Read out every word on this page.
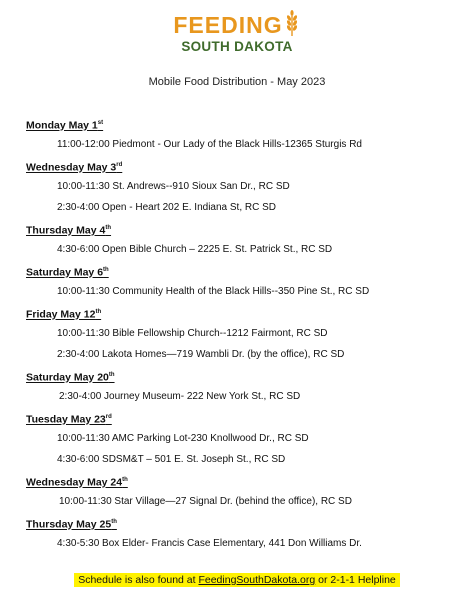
FEEDING
SOUTH DAKOTA
Mobile Food Distribution - May 2023
Monday May 1st
11:00-12:00 Piedmont - Our Lady of the Black Hills-12365 Sturgis Rd
Wednesday May 3rd
10:00-11:30 St. Andrews--910 Sioux San Dr., RC SD
2:30-4:00 Open - Heart 202 E. Indiana St, RC SD
Thursday May 4th
4:30-6:00 Open Bible Church – 2225 E. St. Patrick St., RC SD
Saturday May 6th
10:00-11:30 Community Health of the Black Hills--350 Pine St., RC SD
Friday May 12th
10:00-11:30 Bible Fellowship Church--1212 Fairmont, RC SD
2:30-4:00 Lakota Homes—719 Wambli Dr. (by the office), RC SD
Saturday May 20th
2:30-4:00 Journey Museum- 222 New York St., RC SD
Tuesday May 23rd
10:00-11:30 AMC Parking Lot-230 Knollwood Dr., RC SD
4:30-6:00 SDSM&T – 501 E. St. Joseph St., RC SD
Wednesday May 24th
10:00-11:30 Star Village—27 Signal Dr. (behind the office), RC SD
Thursday May 25th
4:30-5:30 Box Elder- Francis Case Elementary, 441 Don Williams Dr.
Schedule is also found at FeedingSouthDakota.org or 2-1-1 Helpline
